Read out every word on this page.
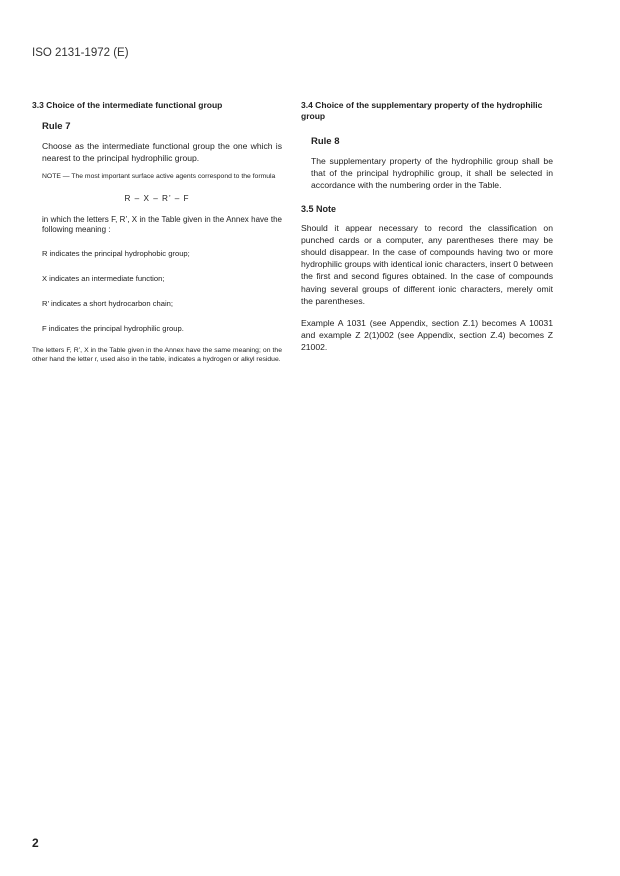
ISO 2131-1972 (E)
3.3 Choice of the intermediate functional group
Rule 7
Choose as the intermediate functional group the one which is nearest to the principal hydrophilic group.
NOTE — The most important surface active agents correspond to the formula
R – X – R’ – F
in which the letters F, R’, X in the Table given in the Annex have the following meaning :
R indicates the principal hydrophobic group;
X indicates an intermediate function;
R’ indicates a short hydrocarbon chain;
F indicates the principal hydrophilic group.
The letters F, R’, X in the Table given in the Annex have the same meaning; on the other hand the letter r, used also in the table, indicates a hydrogen or alkyl residue.
3.4 Choice of the supplementary property of the hydrophilic group
Rule 8
The supplementary property of the hydrophilic group shall be that of the principal hydrophilic group, it shall be selected in accordance with the numbering order in the Table.
3.5 Note
Should it appear necessary to record the classification on punched cards or a computer, any parentheses there may be should disappear. In the case of compounds having two or more hydrophilic groups with identical ionic characters, insert 0 between the first and second figures obtained. In the case of compounds having several groups of different ionic characters, merely omit the parentheses.
Example A 1031 (see Appendix, section Z.1) becomes A 10031 and example Z 2(1)002 (see Appendix, section Z.4) becomes Z 21002.
2
